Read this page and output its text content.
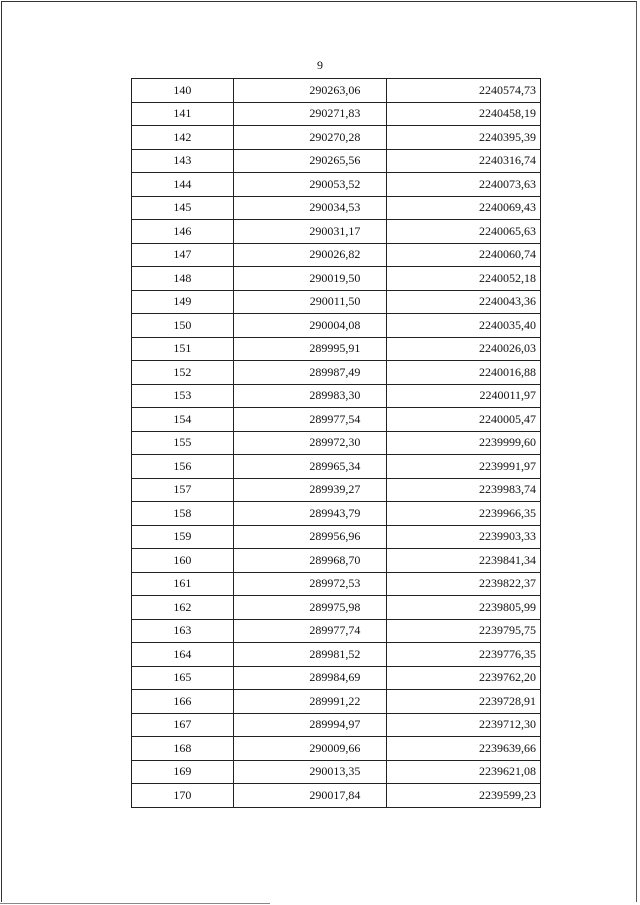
9
140	290263,06	2240574,73
141	290271,83	2240458,19
142	290270,28	2240395,39
143	290265,56	2240316,74
144	290053,52	2240073,63
145	290034,53	2240069,43
146	290031,17	2240065,63
147	290026,82	2240060,74
148	290019,50	2240052,18
149	290011,50	2240043,36
150	290004,08	2240035,40
151	289995,91	2240026,03
152	289987,49	2240016,88
153	289983,30	2240011,97
154	289977,54	2240005,47
155	289972,30	2239999,60
156	289965,34	2239991,97
157	289939,27	2239983,74
158	289943,79	2239966,35
159	289956,96	2239903,33
160	289968,70	2239841,34
161	289972,53	2239822,37
162	289975,98	2239805,99
163	289977,74	2239795,75
164	289981,52	2239776,35
165	289984,69	2239762,20
166	289991,22	2239728,91
167	289994,97	2239712,30
168	290009,66	2239639,66
169	290013,35	2239621,08
170	290017,84	2239599,23
